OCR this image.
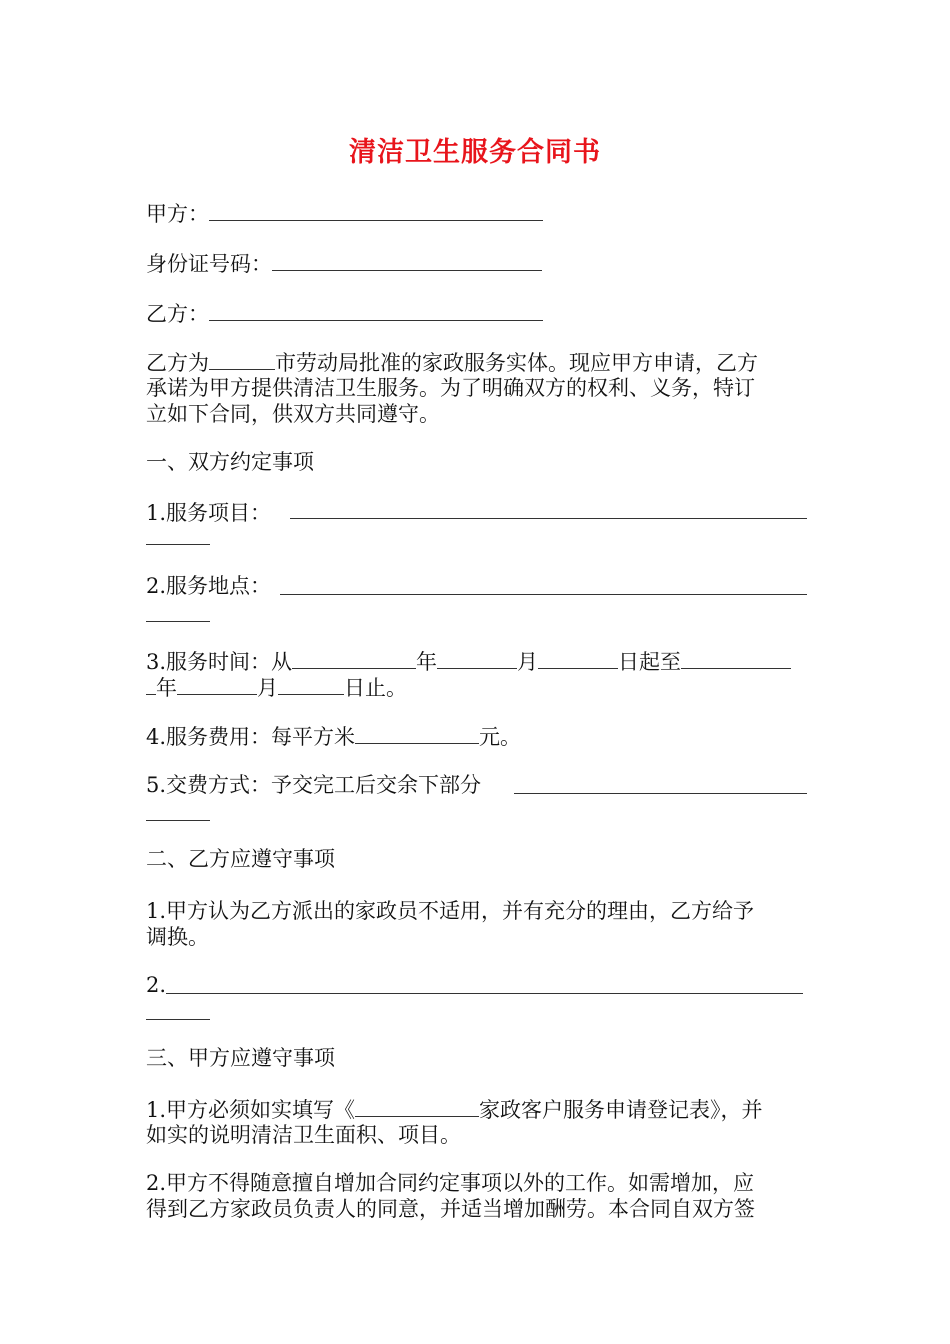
清洁卫生服务合同书
甲方：
身份证号码：
乙方：
乙方为	市劳动局批准的家政服务实体。现应甲方申请，乙方
承诺为甲方提供清洁卫生服务。为了明确双方的权利、义务，特订
立如下合同，供双方共同遵守。
一、双方约定事项
1.服务项目：
2.服务地点：
3.服务时间：从	年	月	日起至
年	月	日止。
4.服务费用：每平方米	元。
5.交费方式：予交完工后交余下部分
二、乙方应遵守事项
1.甲方认为乙方派出的家政员不适用，并有充分的理由，乙方给予
调换。
2.
三、甲方应遵守事项
1.甲方必须如实填写《	家政客户服务申请登记表》，并
如实的说明清洁卫生面积、项目。
2.甲方不得随意擅自增加合同约定事项以外的工作。如需增加，应
得到乙方家政员负责人的同意，并适当增加酬劳。本合同自双方签
